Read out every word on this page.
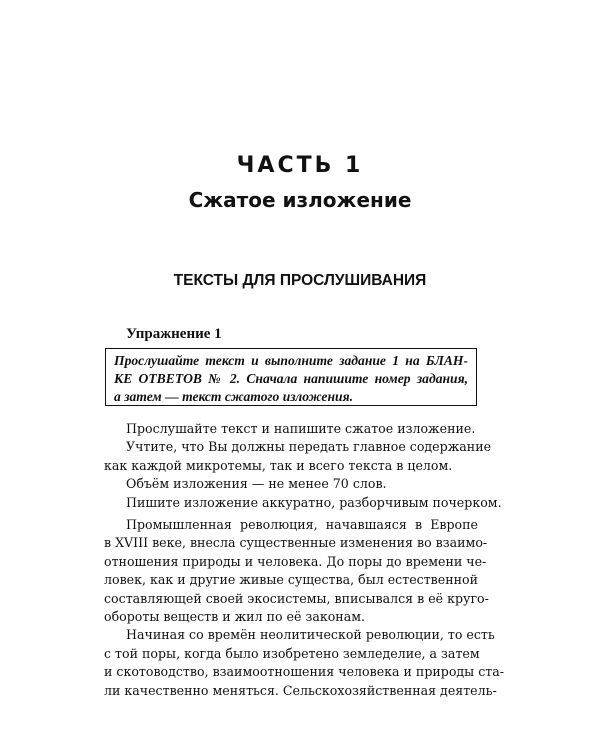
ЧАСТЬ 1
Сжатое изложение
ТЕКСТЫ ДЛЯ ПРОСЛУШИВАНИЯ
Упражнение 1
Прослушайте текст и выполните задание 1 на БЛАН-
КЕ ОТВЕТОВ № 2. Сначала напишите номер задания,
а затем — текст сжатого изложения.
Прослушайте текст и напишите сжатое изложение.
Учтите, что Вы должны передать главное содержание
как каждой микротемы, так и всего текста в целом.
Объём изложения — не менее 70 слов.
Пишите изложение аккуратно, разборчивым почерком.
Промышленная революция, начавшаяся в Европе
в XVIII веке, внесла существенные изменения во взаимо-
отношения природы и человека. До поры до времени че-
ловек, как и другие живые существа, был естественной
составляющей своей экосистемы, вписывался в её круго-
обороты веществ и жил по её законам.
Начиная со времён неолитической революции, то есть
с той поры, когда было изобретено земледелие, а затем
и скотоводство, взаимоотношения человека и природы ста-
ли качественно меняться. Сельскохозяйственная деятель-
